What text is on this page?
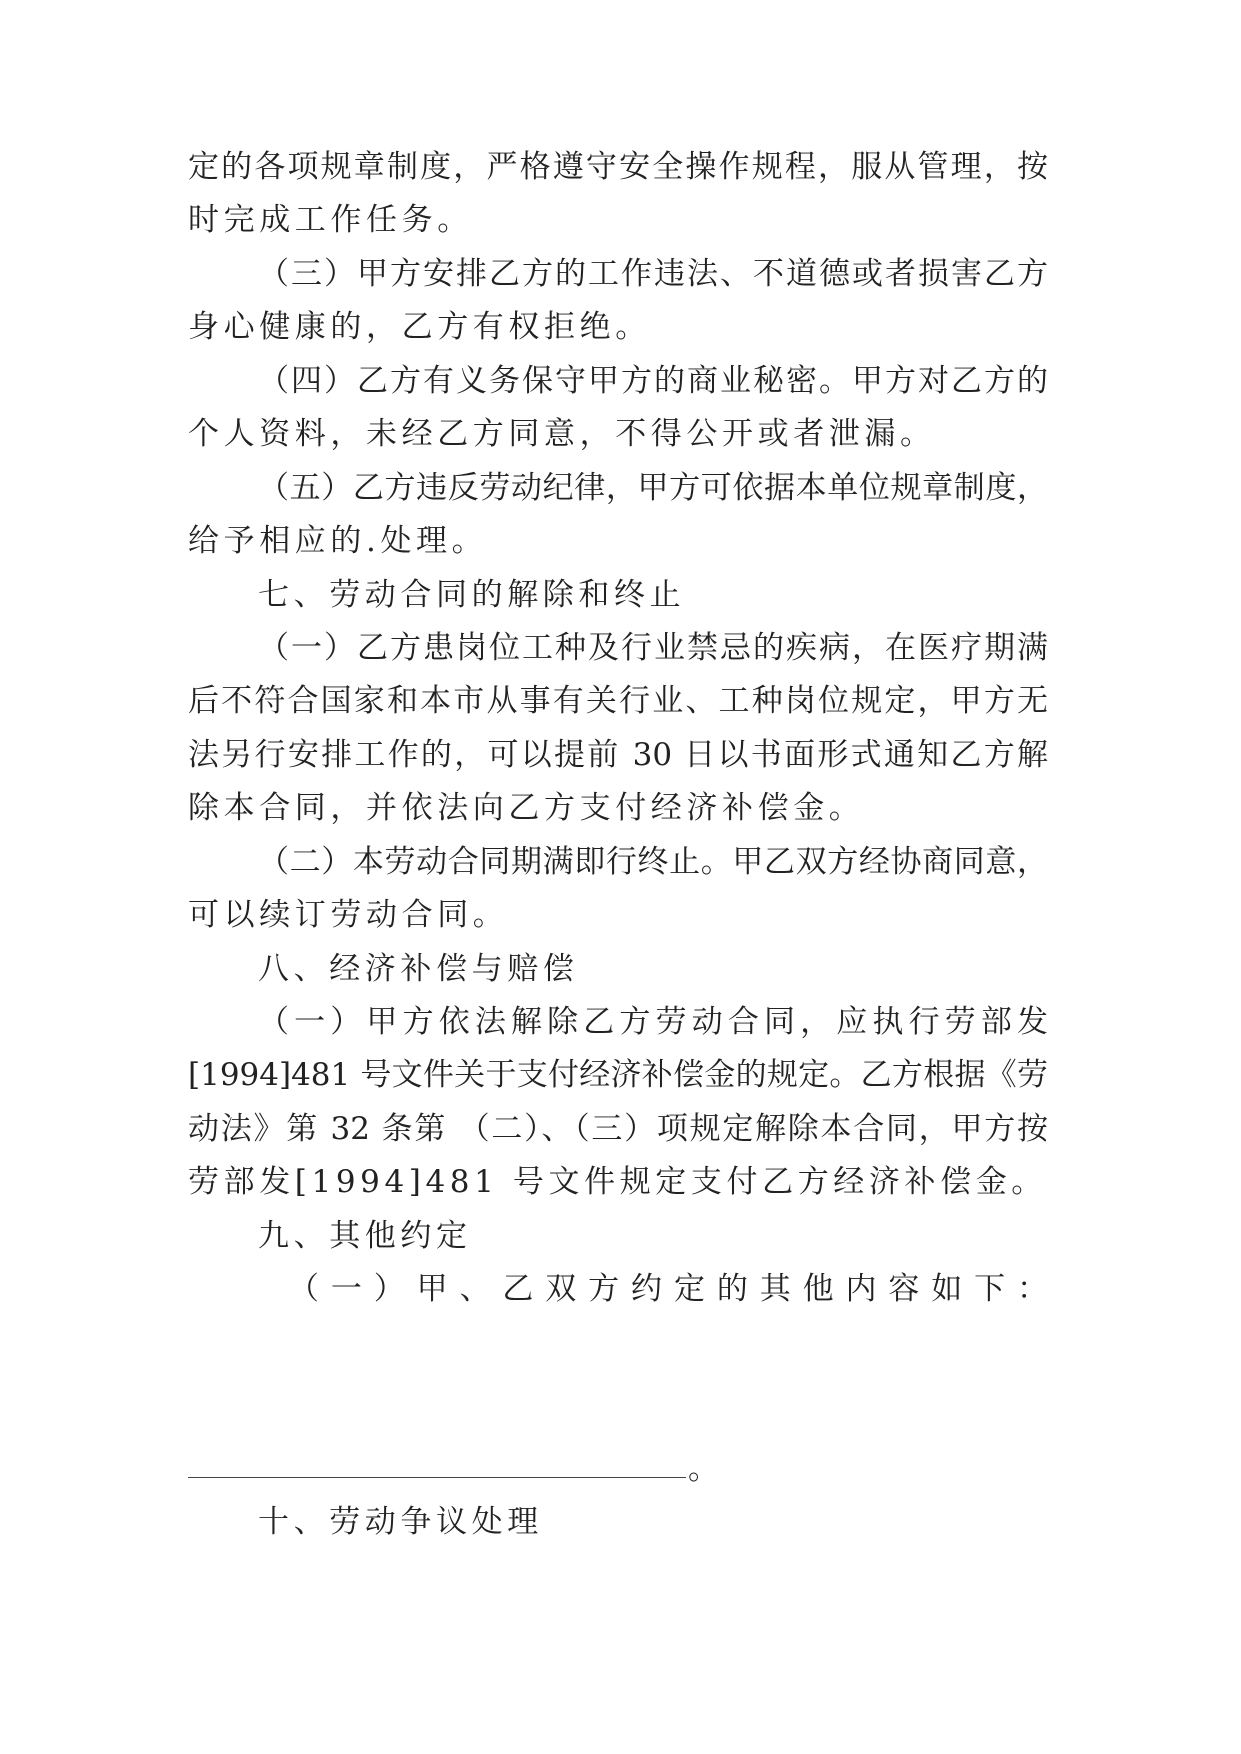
定的各项规章制度，严格遵守安全操作规程，服从管理，按
时完成工作任务。
（三）甲方安排乙方的工作违法、不道德或者损害乙方
身心健康的，乙方有权拒绝。
（四）乙方有义务保守甲方的商业秘密。甲方对乙方的
个人资料，未经乙方同意，不得公开或者泄漏。
（五）乙方违反劳动纪律，甲方可依据本单位规章制度，
给予相应的.处理。
七、劳动合同的解除和终止
（一）乙方患岗位工种及行业禁忌的疾病，在医疗期满
后不符合国家和本市从事有关行业、工种岗位规定，甲方无
法另行安排工作的，可以提前 30 日以书面形式通知乙方解
除本合同，并依法向乙方支付经济补偿金。
（二）本劳动合同期满即行终止。甲乙双方经协商同意，
可以续订劳动合同。
八、经济补偿与赔偿
（一）甲方依法解除乙方劳动合同，应执行劳部发
[1994]481 号文件关于支付经济补偿金的规定。乙方根据《劳
动法》第 32 条第 （二）、（三）项规定解除本合同，甲方按
劳部发[1994]481 号文件规定支付乙方经济补偿金。
九、其他约定
（一）甲、乙双方约定的其他内容如下：
。
十、劳动争议处理
